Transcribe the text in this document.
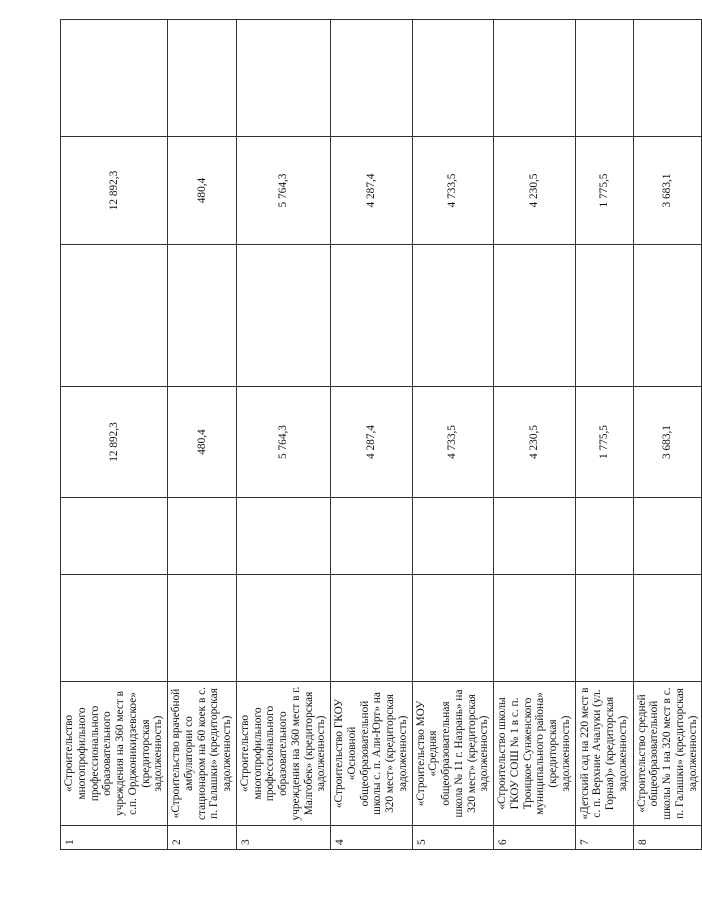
1	«Строительство многопрофильного профессионального образовательного учреждения на 360 мест в с.п. Орджоникидзевское» (кредиторская задолженность)			12 892,3		12 892,3	
2	«Строительство врачебной амбулатории со стационаром на 60 коек в с. п. Галашки» (кредиторская задолженность)			480,4		480,4	
3	«Строительство многопрофильного профессионального образовательного учреждения на 360 мест в г. Малгобек» (кредиторская задолженность)			5 764,3		5 764,3	
4	«Строительство ГКОУ «Основной общеобразовательной школы с. п. Али-Юрт» на 320 мест» (кредиторская задолженность)			4 287,4		4 287,4	
5	«Строительство МОУ «Средняя общеобразовательная школа № 11 г. Назрань» на 320 мест» (кредиторская задолженность)			4 733,5		4 733,5	
6	«Строительство школы ГКОУ СОШ № 1 в с. п. Троицкое Сунженского муниципального района» (кредиторская задолженность)			4 230,5		4 230,5	
7	«Детский сад на 220 мест в с. п. Верхние Ачалуки (ул. Горная)» (кредиторская задолженность)			1 775,5		1 775,5	
8	«Строительство средней общеобразовательной школы № 1 на 320 мест в с. п. Галашки» (кредиторская задолженность)			3 683,1		3 683,1	
